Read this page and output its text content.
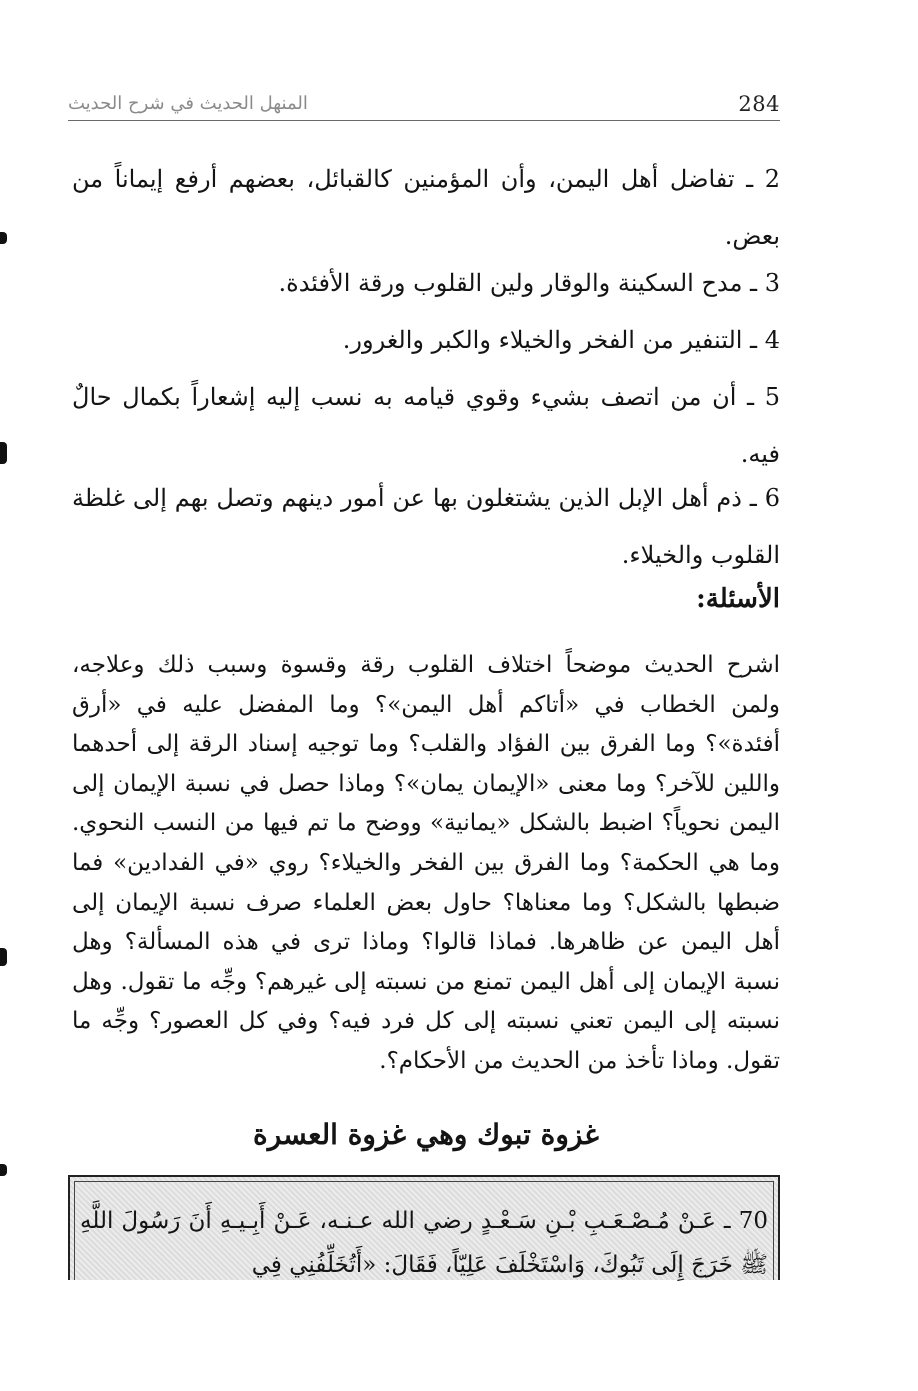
المنهل الحديث في شرح الحديث	284

2 ـ تفاضل أهل اليمن، وأن المؤمنين كالقبائل، بعضهم أرفع إيماناً من بعض.

3 ـ مدح السكينة والوقار ولين القلوب ورقة الأفئدة.

4 ـ التنفير من الفخر والخيلاء والكبر والغرور.

5 ـ أن من اتصف بشيء وقوي قيامه به نسب إليه إشعاراً بكمال حالٌ فيه.

6 ـ ذم أهل الإبل الذين يشتغلون بها عن أمور دينهم وتصل بهم إلى غلظة القلوب والخيلاء.

الأسئلة:
اشرح الحديث موضحاً اختلاف القلوب رقة وقسوة وسبب ذلك وعلاجه، ولمن الخطاب في «أتاكم أهل اليمن»؟ وما المفضل عليه في «أرق أفئدة»؟ وما الفرق بين الفؤاد والقلب؟ وما توجيه إسناد الرقة إلى أحدهما واللين للآخر؟ وما معنى «الإيمان يمان»؟ وماذا حصل في نسبة الإيمان إلى اليمن نحوياً؟ اضبط بالشكل «يمانية» ووضح ما تم فيها من النسب النحوي. وما هي الحكمة؟ وما الفرق بين الفخر والخيلاء؟ روي «في الفدادين» فما ضبطها بالشكل؟ وما معناها؟ حاول بعض العلماء صرف نسبة الإيمان إلى أهل اليمن عن ظاهرها. فماذا قالوا؟ وماذا ترى في هذه المسألة؟ وهل نسبة الإيمان إلى أهل اليمن تمنع من نسبته إلى غيرهم؟ وجِّه ما تقول. وهل نسبته إلى اليمن تعني نسبته إلى كل فرد فيه؟ وفي كل العصور؟ وجِّه ما تقول. وماذا تأخذ من الحديث من الأحكام؟.
غزوة تبوك وهي غزوة العسرة
70 ـ عَـنْ مُـصْـعَـبِ بْـنِ سَـعْـدٍ رضي الله عـنـه، عَـنْ أَبِـيـهِ أَنَ رَسُولَ اللَّهِ ﷺ خَرَجَ إِلَى تَبُوكَ، وَاسْتَخْلَفَ عَلِيّاً، فَقَالَ: «أَتُخَلِّفُنِي فِي
